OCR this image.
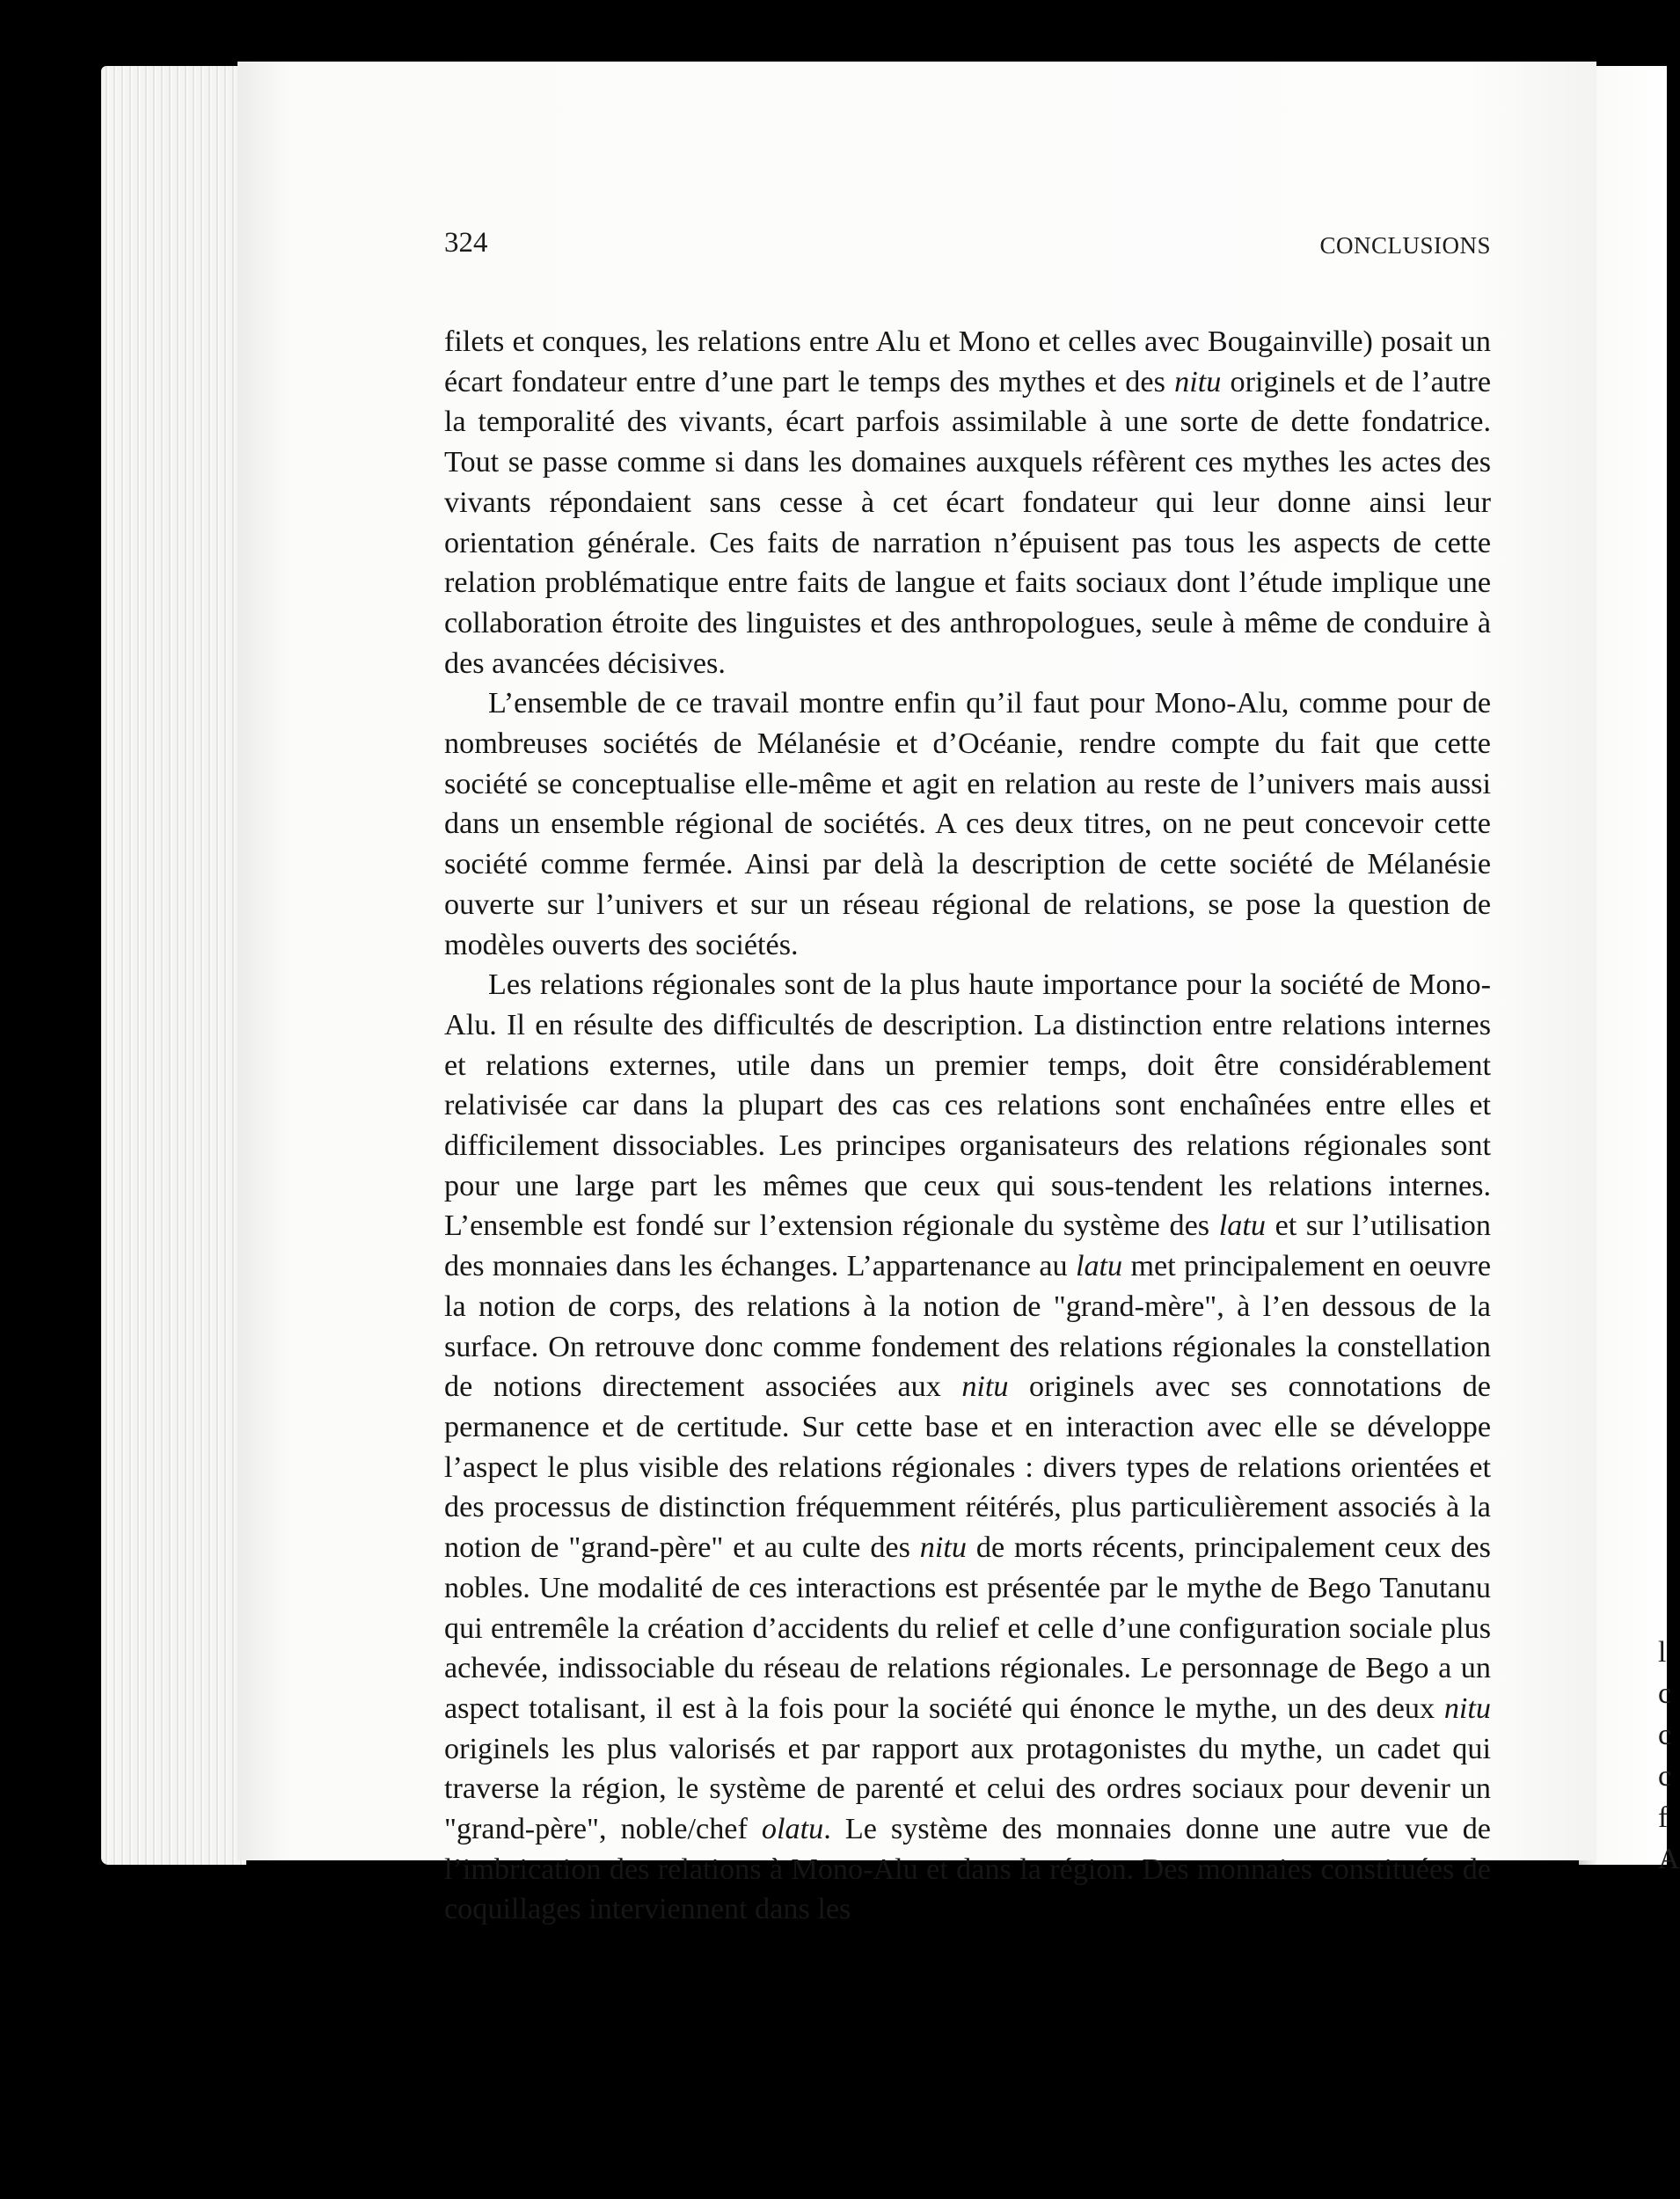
l
c
c
c
f
A
324	CONCLUSIONS

filets et conques, les relations entre Alu et Mono et celles avec Bougainville) posait un écart fondateur entre d’une part le temps des mythes et des nitu originels et de l’autre la temporalité des vivants, écart parfois assimilable à une sorte de dette fondatrice. Tout se passe comme si dans les domaines auxquels réfèrent ces mythes les actes des vivants répondaient sans cesse à cet écart fondateur qui leur donne ainsi leur orientation générale. Ces faits de narration n’épuisent pas tous les aspects de cette relation problématique entre faits de langue et faits sociaux dont l’étude implique une collaboration étroite des linguistes et des anthropologues, seule à même de conduire à des avancées décisives.

L’ensemble de ce travail montre enfin qu’il faut pour Mono-Alu, comme pour de nombreuses sociétés de Mélanésie et d’Océanie, rendre compte du fait que cette société se conceptualise elle-même et agit en relation au reste de l’univers mais aussi dans un ensemble régional de sociétés. A ces deux titres, on ne peut concevoir cette société comme fermée. Ainsi par delà la description de cette société de Mélanésie ouverte sur l’univers et sur un réseau régional de relations, se pose la question de modèles ouverts des sociétés.

Les relations régionales sont de la plus haute importance pour la société de Mono-Alu. Il en résulte des difficultés de description. La distinction entre relations internes et relations externes, utile dans un premier temps, doit être considérablement relativisée car dans la plupart des cas ces relations sont enchaînées entre elles et difficilement dissociables. Les principes organisateurs des relations régionales sont pour une large part les mêmes que ceux qui sous-tendent les relations internes. L’ensemble est fondé sur l’extension régionale du système des latu et sur l’utilisation des monnaies dans les échanges. L’appartenance au latu met principalement en oeuvre la notion de corps, des relations à la notion de "grand-mère", à l’en dessous de la surface. On retrouve donc comme fondement des relations régionales la constellation de notions directement associées aux nitu originels avec ses connotations de permanence et de certitude. Sur cette base et en interaction avec elle se développe l’aspect le plus visible des relations régionales : divers types de relations orientées et des processus de distinction fréquemment réitérés, plus particulièrement associés à la notion de "grand-père" et au culte des nitu de morts récents, principalement ceux des nobles. Une modalité de ces interactions est présentée par le mythe de Bego Tanutanu qui entremêle la création d’accidents du relief et celle d’une configuration sociale plus achevée, indissociable du réseau de relations régionales. Le personnage de Bego a un aspect totalisant, il est à la fois pour la société qui énonce le mythe, un des deux nitu originels les plus valorisés et par rapport aux protagonistes du mythe, un cadet qui traverse la région, le système de parenté et celui des ordres sociaux pour devenir un "grand-père", noble/chef olatu. Le système des monnaies donne une autre vue de l’imbrication des relations à Mono-Alu et dans la région. Des monnaies constituées de coquillages interviennent dans les
